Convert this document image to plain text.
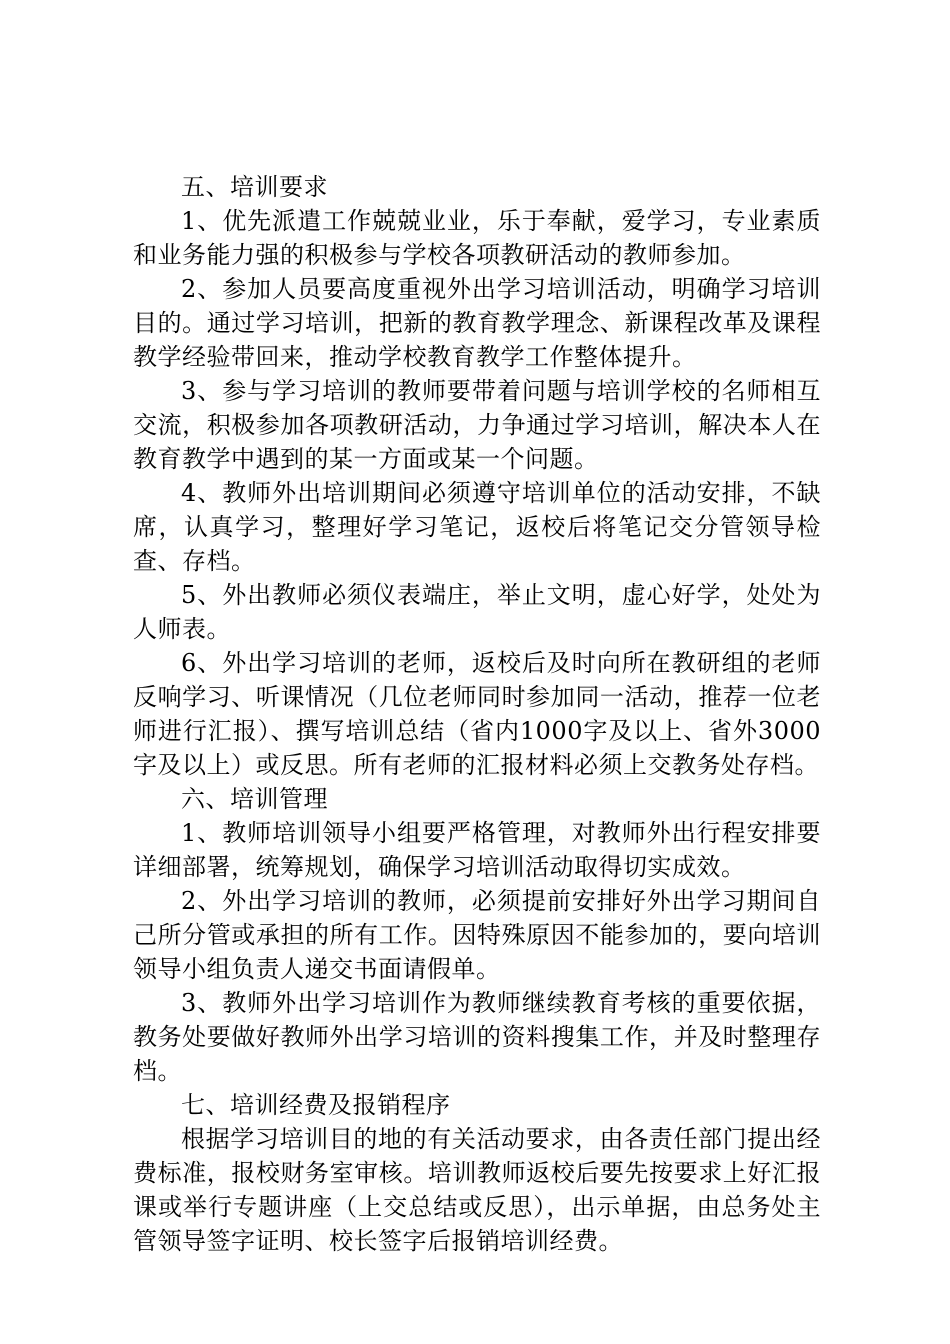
五、培训要求

1、优先派遣工作兢兢业业，乐于奉献，爱学习，专业素质和业务能力强的积极参与学校各项教研活动的教师参加。

2、参加人员要高度重视外出学习培训活动，明确学习培训目的。通过学习培训，把新的教育教学理念、新课程改革及课程教学经验带回来，推动学校教育教学工作整体提升。

3、参与学习培训的教师要带着问题与培训学校的名师相互交流，积极参加各项教研活动，力争通过学习培训，解决本人在教育教学中遇到的某一方面或某一个问题。

4、教师外出培训期间必须遵守培训单位的活动安排，不缺席，认真学习，整理好学习笔记，返校后将笔记交分管领导检查、存档。

5、外出教师必须仪表端庄，举止文明，虚心好学，处处为人师表。

6、外出学习培训的老师，返校后及时向所在教研组的老师反响学习、听课情况（几位老师同时参加同一活动，推荐一位老师进行汇报）、撰写培训总结（省内1000字及以上、省外3000字及以上）或反思。所有老师的汇报材料必须上交教务处存档。

六、培训管理

1、教师培训领导小组要严格管理，对教师外出行程安排要详细部署，统筹规划，确保学习培训活动取得切实成效。

2、外出学习培训的教师，必须提前安排好外出学习期间自己所分管或承担的所有工作。因特殊原因不能参加的，要向培训领导小组负责人递交书面请假单。

3、教师外出学习培训作为教师继续教育考核的重要依据，教务处要做好教师外出学习培训的资料搜集工作，并及时整理存档。

七、培训经费及报销程序

根据学习培训目的地的有关活动要求，由各责任部门提出经费标准，报校财务室审核。培训教师返校后要先按要求上好汇报课或举行专题讲座（上交总结或反思），出示单据，由总务处主管领导签字证明、校长签字后报销培训经费。
